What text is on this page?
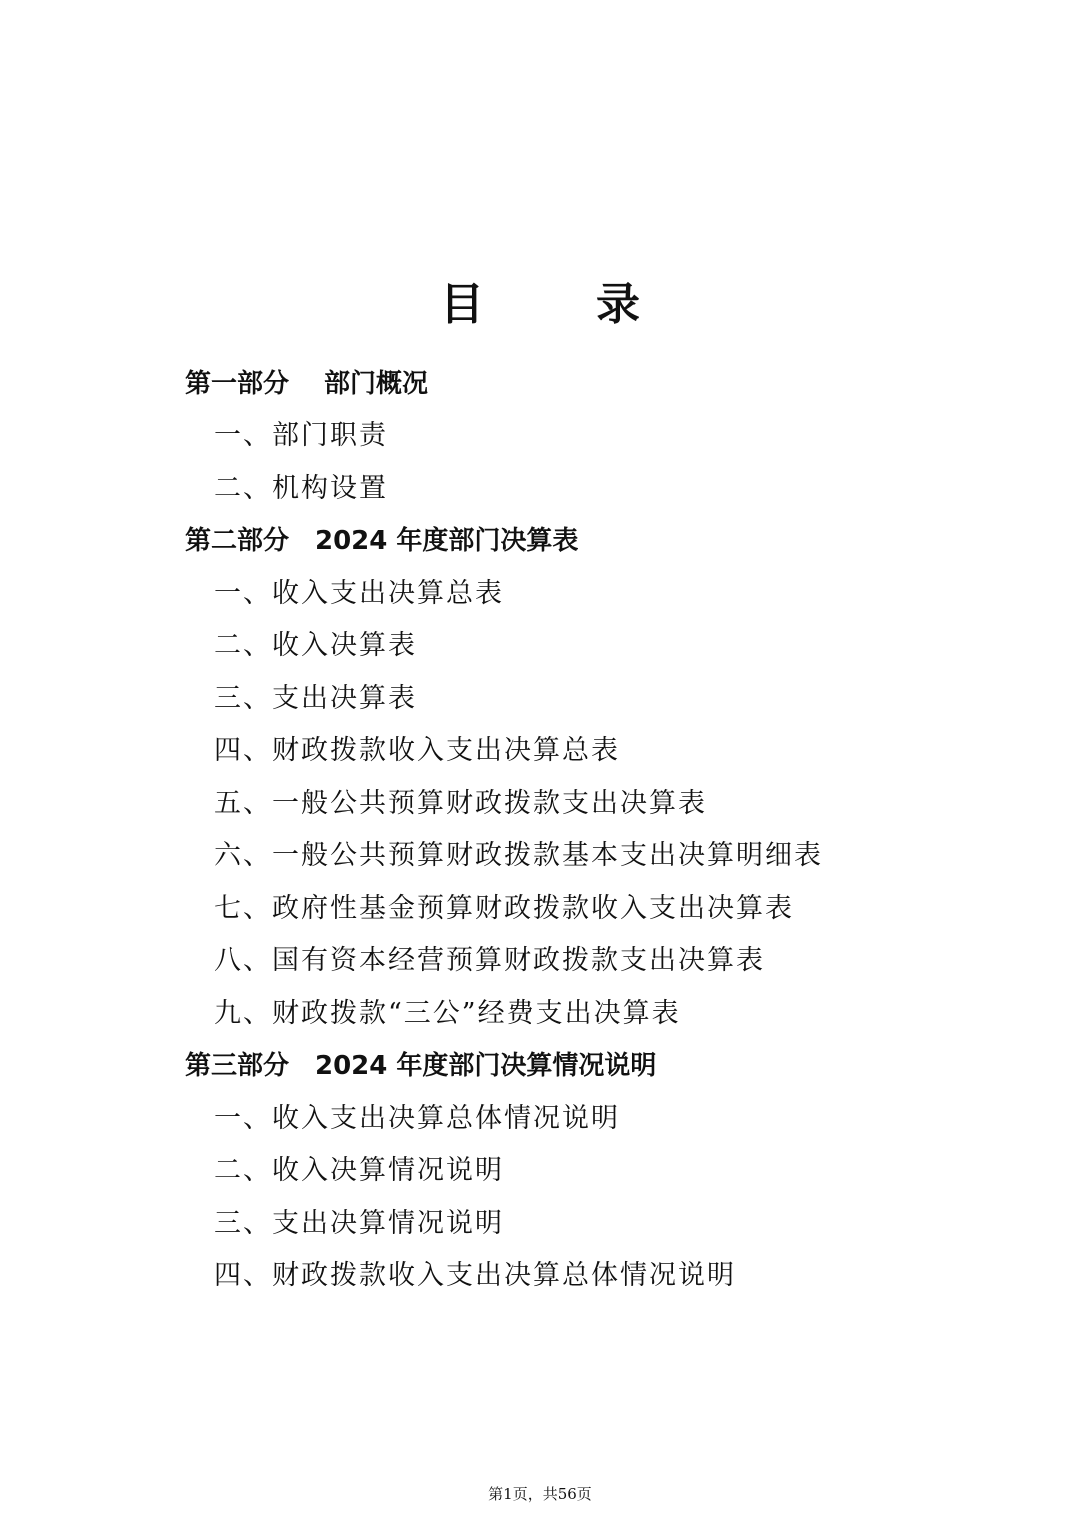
目　录
第一部分　 部门概况
一、部门职责
二、机构设置
第二部分　2024 年度部门决算表
一、收入支出决算总表
二、收入决算表
三、支出决算表
四、财政拨款收入支出决算总表
五、一般公共预算财政拨款支出决算表
六、一般公共预算财政拨款基本支出决算明细表
七、政府性基金预算财政拨款收入支出决算表
八、国有资本经营预算财政拨款支出决算表
九、财政拨款“三公”经费支出决算表
第三部分　2024 年度部门决算情况说明
一、收入支出决算总体情况说明
二、收入决算情况说明
三、支出决算情况说明
四、财政拨款收入支出决算总体情况说明
第1页，共56页
